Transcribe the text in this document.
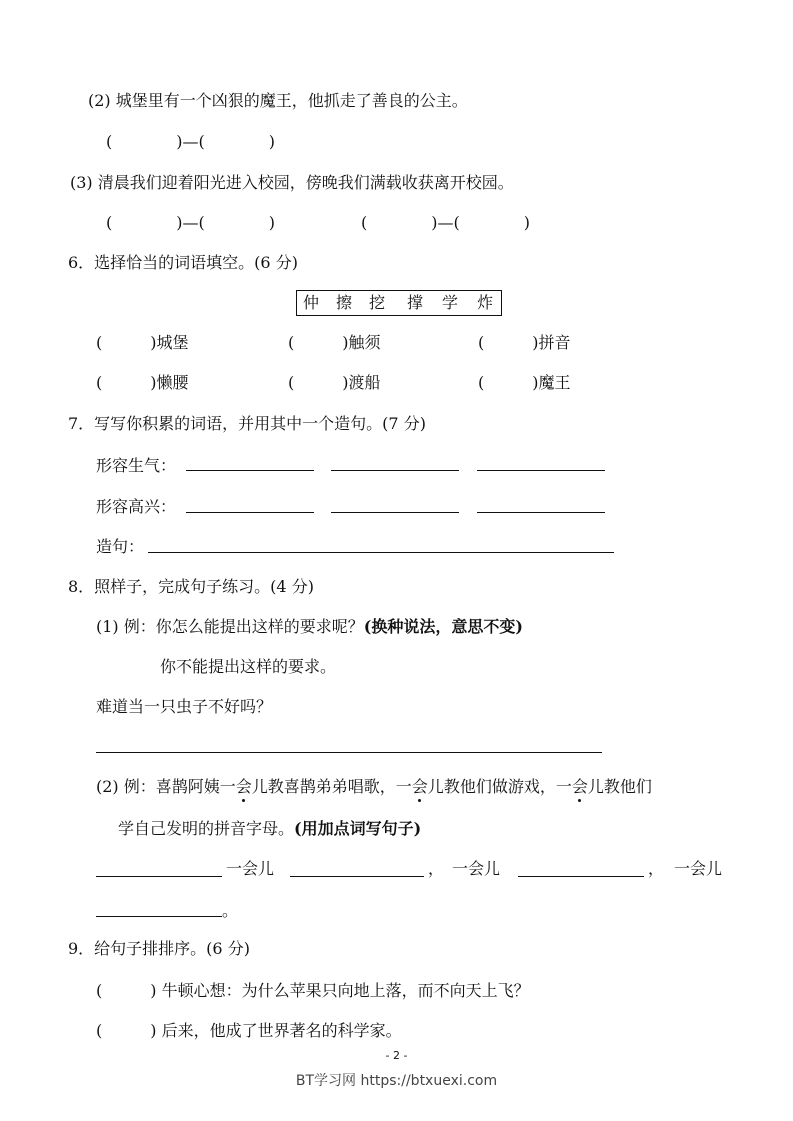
(2) 城堡里有一个凶狠的魔王，他抓走了善良的公主。
(　　　　)—(　　　　)
(3) 清晨我们迎着阳光进入校园，傍晚我们满载收获离开校园。
(　　　　)—(　　　　)	(　　　　)—(　　　　)
6．选择恰当的词语填空。(6 分)
仲 擦 挖 撑 学 炸
(　　　)城堡	(　　　)触须	(　　　)拼音
(　　　)懒腰	(　　　)渡船	(　　　)魔王
7．写写你积累的词语，并用其中一个造句。(7 分)
形容生气：
形容高兴：
造句：
8．照样子，完成句子练习。(4 分)
(1) 例：你怎么能提出这样的要求呢？(换种说法，意思不变)
你不能提出这样的要求。
难道当一只虫子不好吗？
(2) 例：喜鹊阿姨一会儿教喜鹊弟弟唱歌，一会儿教他们做游戏，一会儿教他们
学自己发明的拼音字母。(用加点词写句子)
一会儿	， 一会儿	， 一会儿
。
9．给句子排排序。(6 分)
(　　　) 牛顿心想：为什么苹果只向地上落，而不向天上飞？
(　　　) 后来，他成了世界著名的科学家。
- 2 -
BT学习网 https://btxuexi.com
